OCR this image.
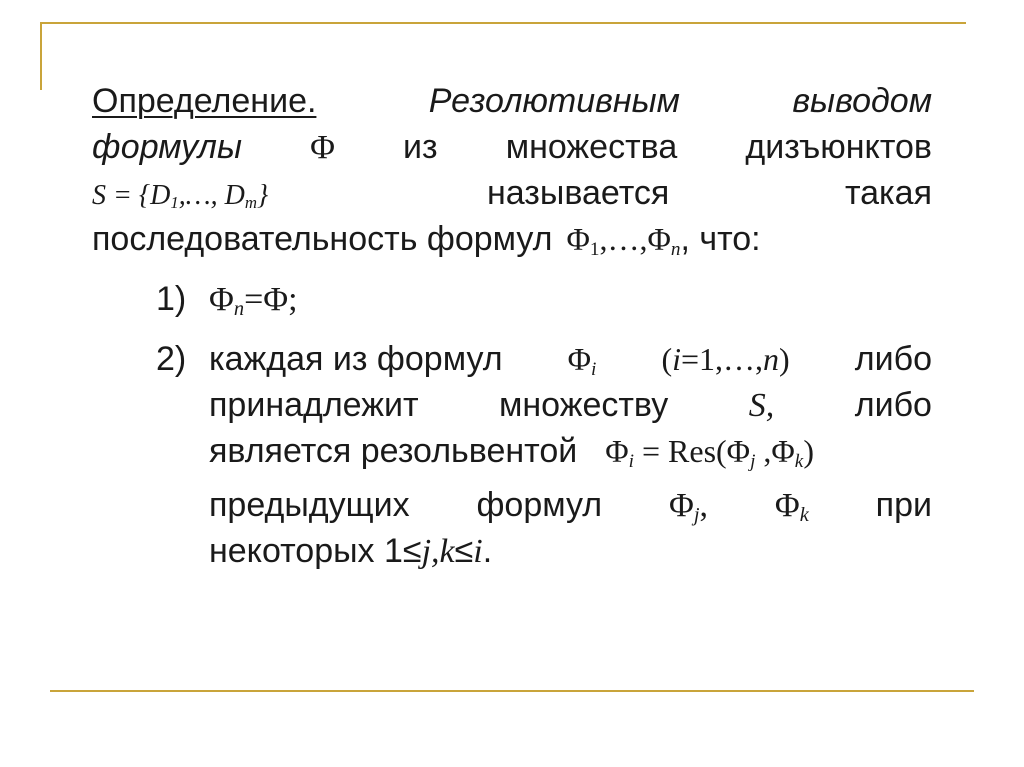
Определение.	Резолютивным	выводом
формулы Φ из множества дизъюнктов
$S = \{D_1,\dots$, $D_m$}	называется	такая
последовательность формул $\Phi_1,\dots,\Phi_n$ , что:
1) $\Phi_n=\Phi$;
2) каждая из формул $\Phi_i$ (i=1,…,n) либо
принадлежит множеству S, либо
является резольвентой $\Phi_i = Res(\Phi_j$ $,\Phi_k$)
предыдущих формул $\Phi_j$, $\Phi_k$ при
некоторых 1≤ j,k ≤ i .
